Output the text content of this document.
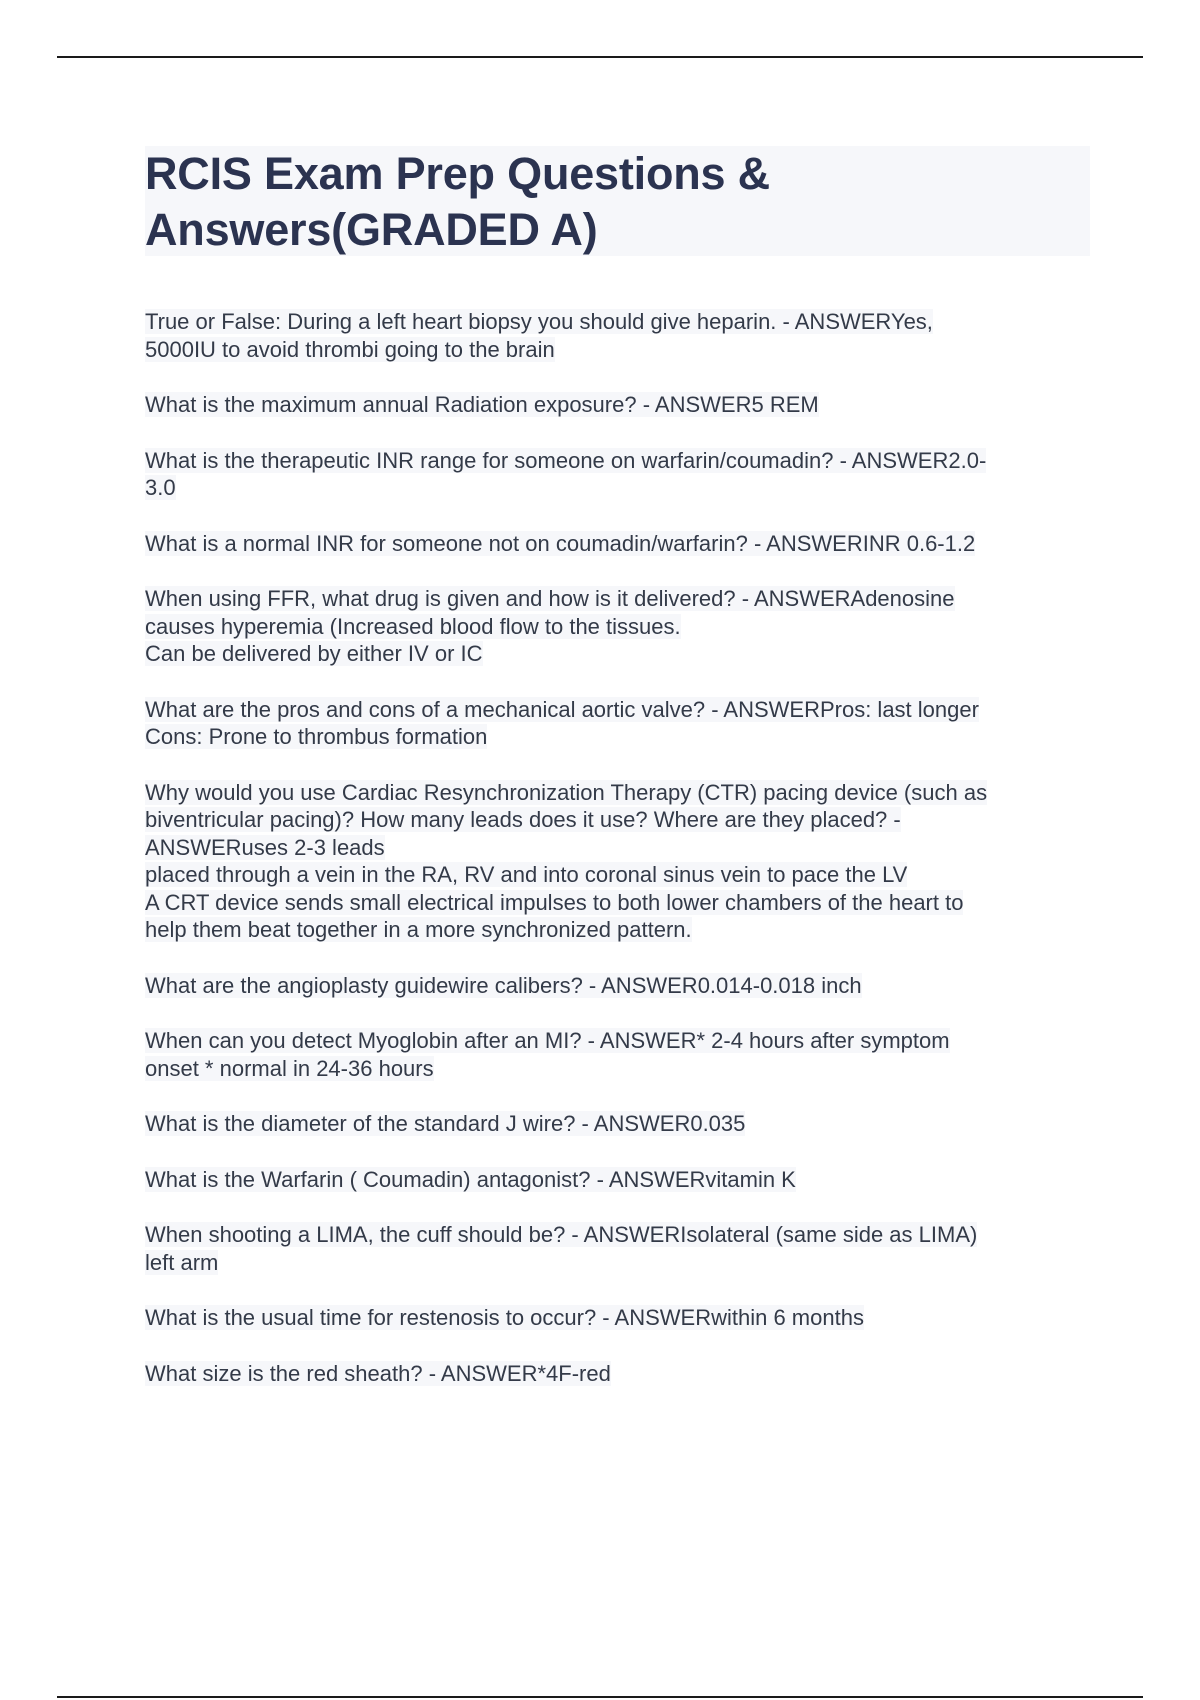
RCIS Exam Prep Questions &
Answers(GRADED A)
True or False: During a left heart biopsy you should give heparin. - ANSWERYes,
5000IU to avoid thrombi going to the brain
What is the maximum annual Radiation exposure? - ANSWER5 REM
What is the therapeutic INR range for someone on warfarin/coumadin? - ANSWER2.0-
3.0
What is a normal INR for someone not on coumadin/warfarin? - ANSWERINR 0.6-1.2
When using FFR, what drug is given and how is it delivered? - ANSWERAdenosine
causes hyperemia (Increased blood flow to the tissues.
Can be delivered by either IV or IC
What are the pros and cons of a mechanical aortic valve? - ANSWERPros: last longer
Cons: Prone to thrombus formation
Why would you use Cardiac Resynchronization Therapy (CTR) pacing device (such as
biventricular pacing)? How many leads does it use? Where are they placed? -
ANSWERuses 2-3 leads
placed through a vein in the RA, RV and into coronal sinus vein to pace the LV
A CRT device sends small electrical impulses to both lower chambers of the heart to
help them beat together in a more synchronized pattern.
What are the angioplasty guidewire calibers? - ANSWER0.014-0.018 inch
When can you detect Myoglobin after an MI? - ANSWER* 2-4 hours after symptom
onset * normal in 24-36 hours
What is the diameter of the standard J wire? - ANSWER0.035
What is the Warfarin ( Coumadin) antagonist? - ANSWERvitamin K
When shooting a LIMA, the cuff should be? - ANSWERIsolateral (same side as LIMA)
left arm
What is the usual time for restenosis to occur? - ANSWERwithin 6 months
What size is the red sheath? - ANSWER*4F-red
